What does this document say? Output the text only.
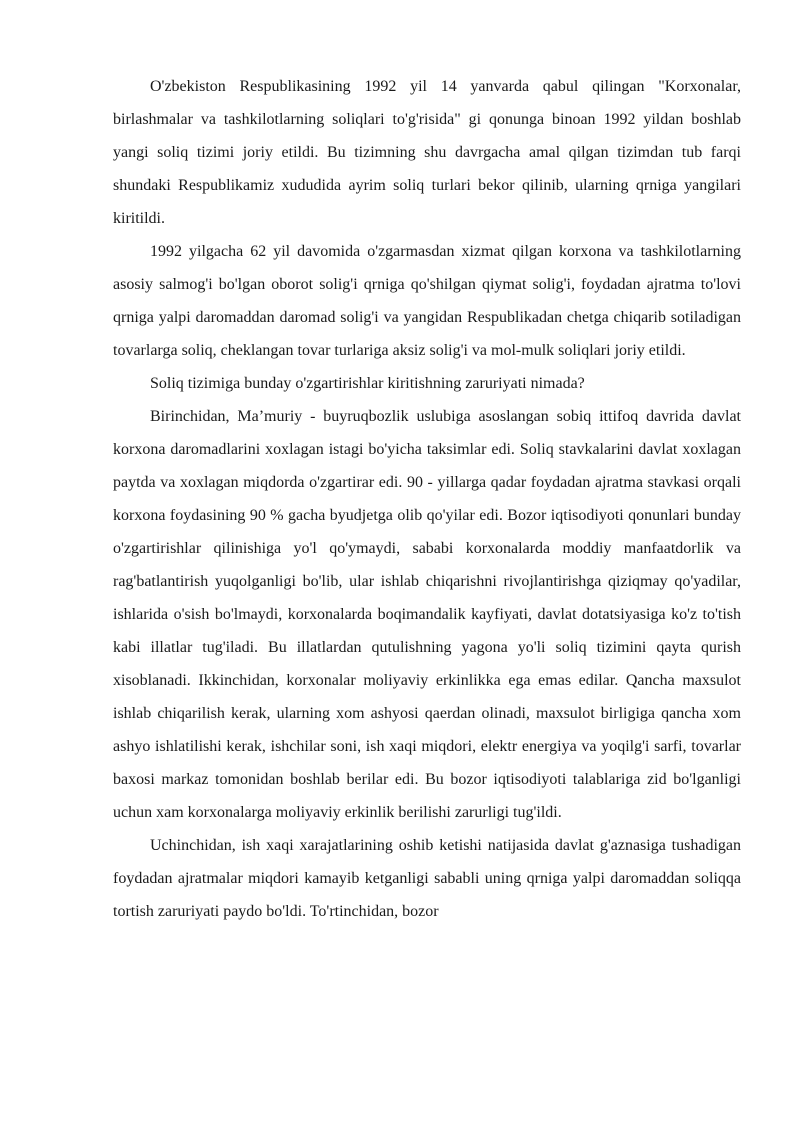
O'zbekiston Respublikasining 1992 yil 14 yanvarda qabul qilingan "Korxonalar, birlashmalar va tashkilotlarning soliqlari to'g'risida" gi qonunga binoan 1992 yildan boshlab yangi soliq tizimi joriy etildi. Bu tizimning shu davrgacha amal qilgan tizimdan tub farqi shundaki Respublikamiz xududida ayrim soliq turlari bekor qilinib, ularning qrniga yangilari kiritildi.

1992 yilgacha 62 yil davomida o'zgarmasdan xizmat qilgan korxona va tashkilotlarning asosiy salmog'i bo'lgan oborot solig'i qrniga qo'shilgan qiymat solig'i, foydadan ajratma to'lovi qrniga yalpi daromaddan daromad solig'i va yangidan Respublikadan chetga chiqarib sotiladigan tovarlarga soliq, cheklangan tovar turlariga aksiz solig'i va mol-mulk soliqlari joriy etildi.

Soliq tizimiga bunday o'zgartirishlar kiritishning zaruriyati nimada?

Birinchidan, Ma’muriy - buyruqbozlik uslubiga asoslangan sobiq ittifoq davrida davlat korxona daromadlarini xoxlagan istagi bo'yicha taksimlar edi. Soliq stavkalarini davlat xoxlagan paytda va xoxlagan miqdorda o'zgartirar edi. 90 - yillarga qadar foydadan ajratma stavkasi orqali korxona foydasining 90 % gacha byudjetga olib qo'yilar edi. Bozor iqtisodiyoti qonunlari bunday o'zgartirishlar qilinishiga yo'l qo'ymaydi, sababi korxonalarda moddiy manfaatdorlik va rag'batlantirish yuqolganligi bo'lib, ular ishlab chiqarishni rivojlantirishga qiziqmay qo'yadilar, ishlarida o'sish bo'lmaydi, korxonalarda boqimandalik kayfiyati, davlat dotatsiyasiga ko'z to'tish kabi illatlar tug'iladi. Bu illatlardan qutulishning yagona yo'li soliq tizimini qayta qurish xisoblanadi. Ikkinchidan, korxonalar moliyaviy erkinlikka ega emas edilar. Qancha maxsulot ishlab chiqarilish kerak, ularning xom ashyosi qaerdan olinadi, maxsulot birligiga qancha xom ashyo ishlatilishi kerak, ishchilar soni, ish xaqi miqdori, elektr energiya va yoqilg'i sarfi, tovarlar baxosi markaz tomonidan boshlab berilar edi. Bu bozor iqtisodiyoti talablariga zid bo'lganligi uchun xam korxonalarga moliyaviy erkinlik berilishi zarurligi tug'ildi.

Uchinchidan, ish xaqi xarajatlarining oshib ketishi natijasida davlat g'aznasiga tushadigan foydadan ajratmalar miqdori kamayib ketganligi sababli uning qrniga yalpi daromaddan soliqqa tortish zaruriyati paydo bo'ldi. To'rtinchidan, bozor
